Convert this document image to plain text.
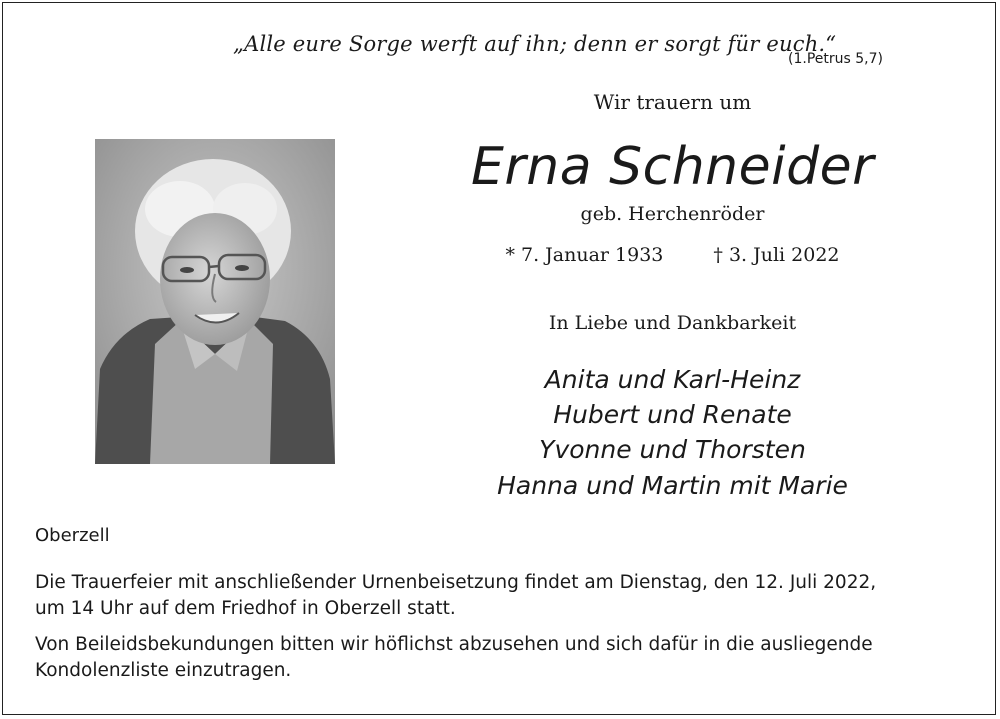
„Alle eure Sorge werft auf ihn; denn er sorgt für euch.“
(1.Petrus 5,7)
Wir trauern um
Erna Schneider
geb. Herchenröder
* 7. Januar 1933	† 3. Juli 2022
In Liebe und Dankbarkeit
Anita und Karl-Heinz
Hubert und Renate
Yvonne und Thorsten
Hanna und Martin mit Marie
Oberzell
Die Trauerfeier mit anschließender Urnenbeisetzung findet am Dienstag, den 12. Juli 2022,
um 14 Uhr auf dem Friedhof in Oberzell statt.
Von Beileidsbekundungen bitten wir höflichst abzusehen und sich dafür in die ausliegende
Kondolenzliste einzutragen.
